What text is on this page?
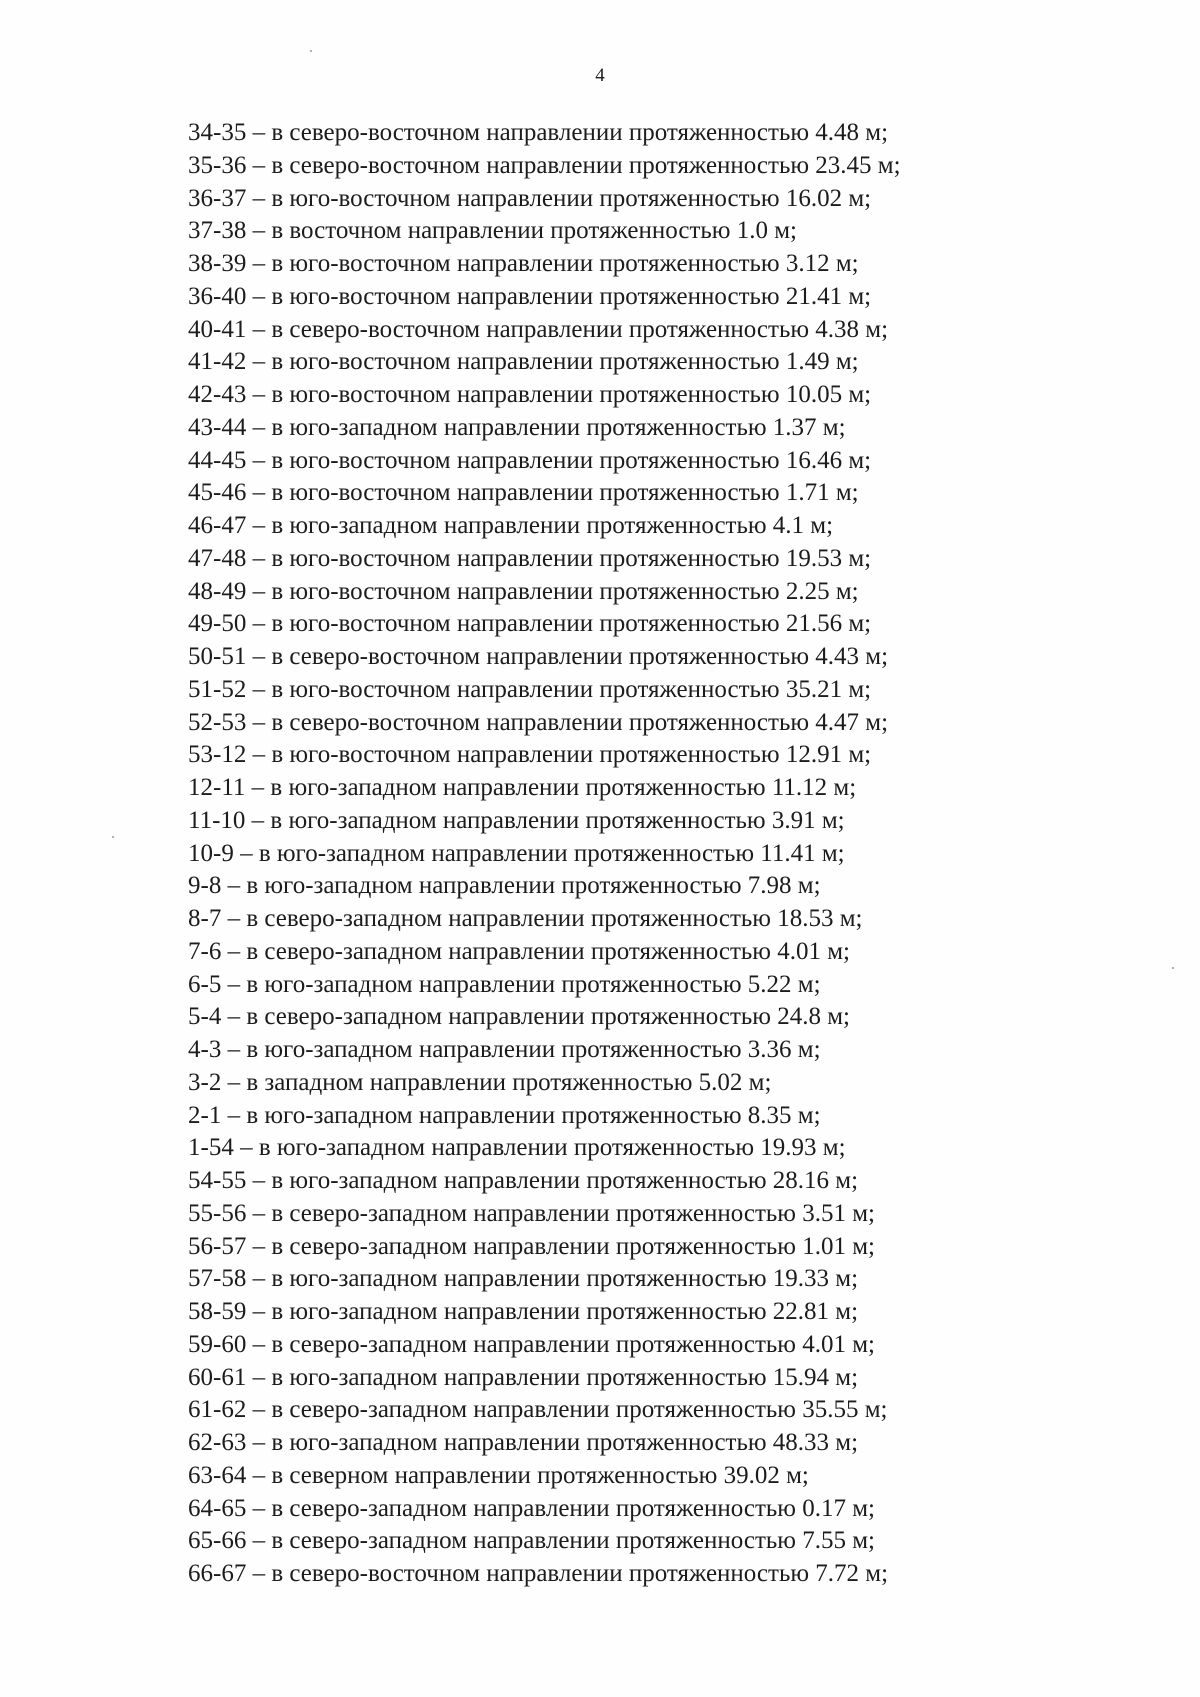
4
34-35 – в северо-восточном направлении протяженностью 4.48 м;
35-36 – в северо-восточном направлении протяженностью 23.45 м;
36-37 – в юго-восточном направлении протяженностью 16.02 м;
37-38 – в восточном направлении протяженностью 1.0 м;
38-39 – в юго-восточном направлении протяженностью 3.12 м;
36-40 – в юго-восточном направлении протяженностью 21.41 м;
40-41 – в северо-восточном направлении протяженностью 4.38 м;
41-42 – в юго-восточном направлении протяженностью 1.49 м;
42-43 – в юго-восточном направлении протяженностью 10.05 м;
43-44 – в юго-западном направлении протяженностью 1.37 м;
44-45 – в юго-восточном направлении протяженностью 16.46 м;
45-46 – в юго-восточном направлении протяженностью 1.71 м;
46-47 – в юго-западном направлении протяженностью 4.1 м;
47-48 – в юго-восточном направлении протяженностью 19.53 м;
48-49 – в юго-восточном направлении протяженностью 2.25 м;
49-50 – в юго-восточном направлении протяженностью 21.56 м;
50-51 – в северо-восточном направлении протяженностью 4.43 м;
51-52 – в юго-восточном направлении протяженностью 35.21 м;
52-53 – в северо-восточном направлении протяженностью 4.47 м;
53-12 – в юго-восточном направлении протяженностью 12.91 м;
12-11 – в юго-западном направлении протяженностью 11.12 м;
11-10 – в юго-западном направлении протяженностью 3.91 м;
10-9 – в юго-западном направлении протяженностью 11.41 м;
9-8 – в юго-западном направлении протяженностью 7.98 м;
8-7 – в северо-западном направлении протяженностью 18.53 м;
7-6 – в северо-западном направлении протяженностью 4.01 м;
6-5 – в юго-западном направлении протяженностью 5.22 м;
5-4 – в северо-западном направлении протяженностью 24.8 м;
4-3 – в юго-западном направлении протяженностью 3.36 м;
3-2 – в западном направлении протяженностью 5.02 м;
2-1 – в юго-западном направлении протяженностью 8.35 м;
1-54 – в юго-западном направлении протяженностью 19.93 м;
54-55 – в юго-западном направлении протяженностью 28.16 м;
55-56 – в северо-западном направлении протяженностью 3.51 м;
56-57 – в северо-западном направлении протяженностью 1.01 м;
57-58 – в юго-западном направлении протяженностью 19.33 м;
58-59 – в юго-западном направлении протяженностью 22.81 м;
59-60 – в северо-западном направлении протяженностью 4.01 м;
60-61 – в юго-западном направлении протяженностью 15.94 м;
61-62 – в северо-западном направлении протяженностью 35.55 м;
62-63 – в юго-западном направлении протяженностью 48.33 м;
63-64 – в северном направлении протяженностью 39.02 м;
64-65 – в северо-западном направлении протяженностью 0.17 м;
65-66 – в северо-западном направлении протяженностью 7.55 м;
66-67 – в северо-восточном направлении протяженностью 7.72 м;
